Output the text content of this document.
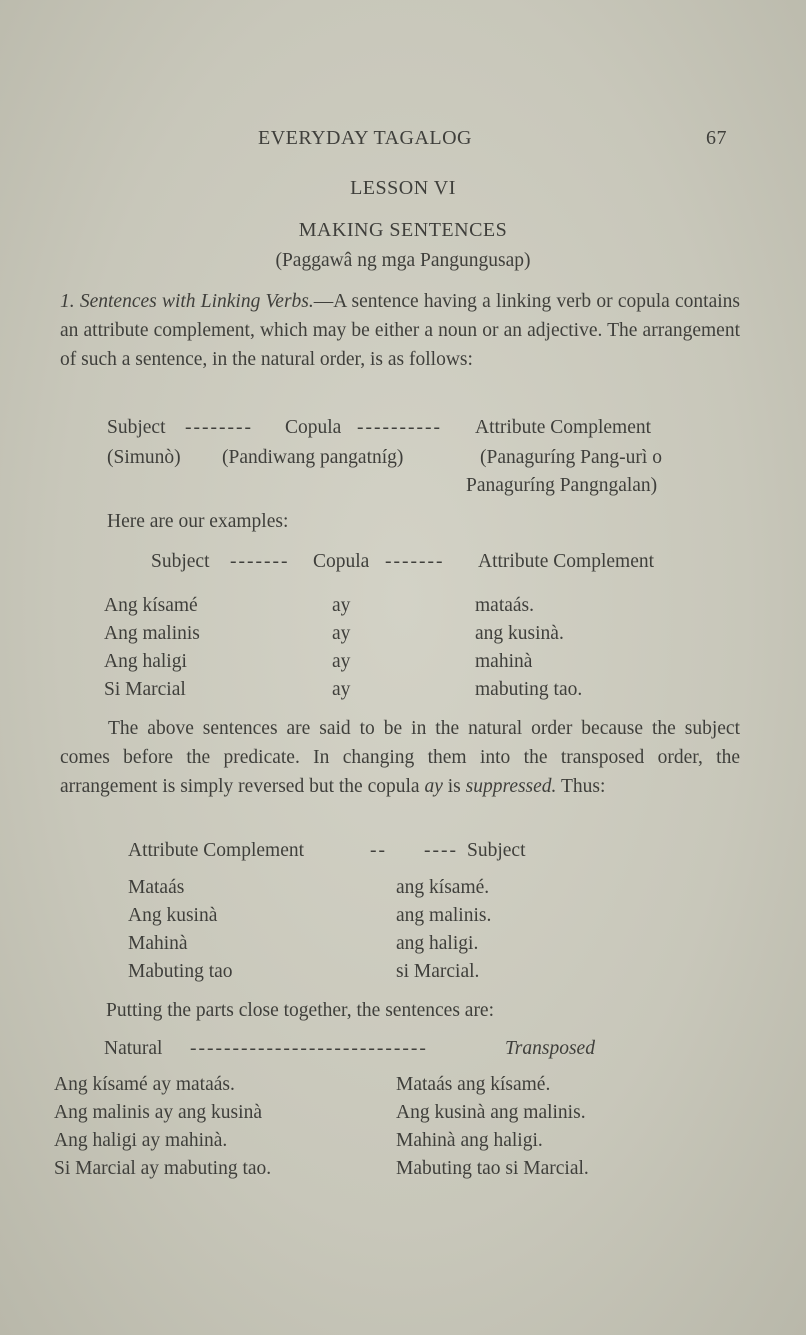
EVERYDAY TAGALOG	67
LESSON VI
MAKING SENTENCES
(Paggawâ ng mga Pangungusap)
1. Sentences with Linking Verbs.—A sentence having a linking verb or copula contains an attribute complement, which may be either a noun or an adjective. The arrangement of such a sentence, in the natural order, is as follows:
Subject -------- Copula ---------- Attribute Complement
(Simunò) (Pandiwang pangatníg)	(Panaguríng Pang-urì o
Panaguríng Pangngalan)
Here are our examples:
Subject ------- Copula ------- Attribute Complement
Ang kísamé	ay	mataás.
Ang malinis	ay	ang kusinà.
Ang haligi	ay	mahinà
Si Marcial	ay	mabuting tao.
The above sentences are said to be in the natural order because the subject comes before the predicate. In changing them into the transposed order, the arrangement is simply reversed but the copula ay is suppressed. Thus:
Attribute Complement	-- ---- Subject
Mataás	ang kísamé.
Ang kusinà	ang malinis.
Mahinà	ang haligi.
Mabuting tao	si Marcial.
Putting the parts close together, the sentences are:
Natural ----------------------------	Transposed
Ang kísamé ay mataás.	Mataás ang kísamé.
Ang malinis ay ang kusinà	Ang kusinà ang malinis.
Ang haligi ay mahinà.	Mahinà ang haligi.
Si Marcial ay mabuting tao.	Mabuting tao si Marcial.
